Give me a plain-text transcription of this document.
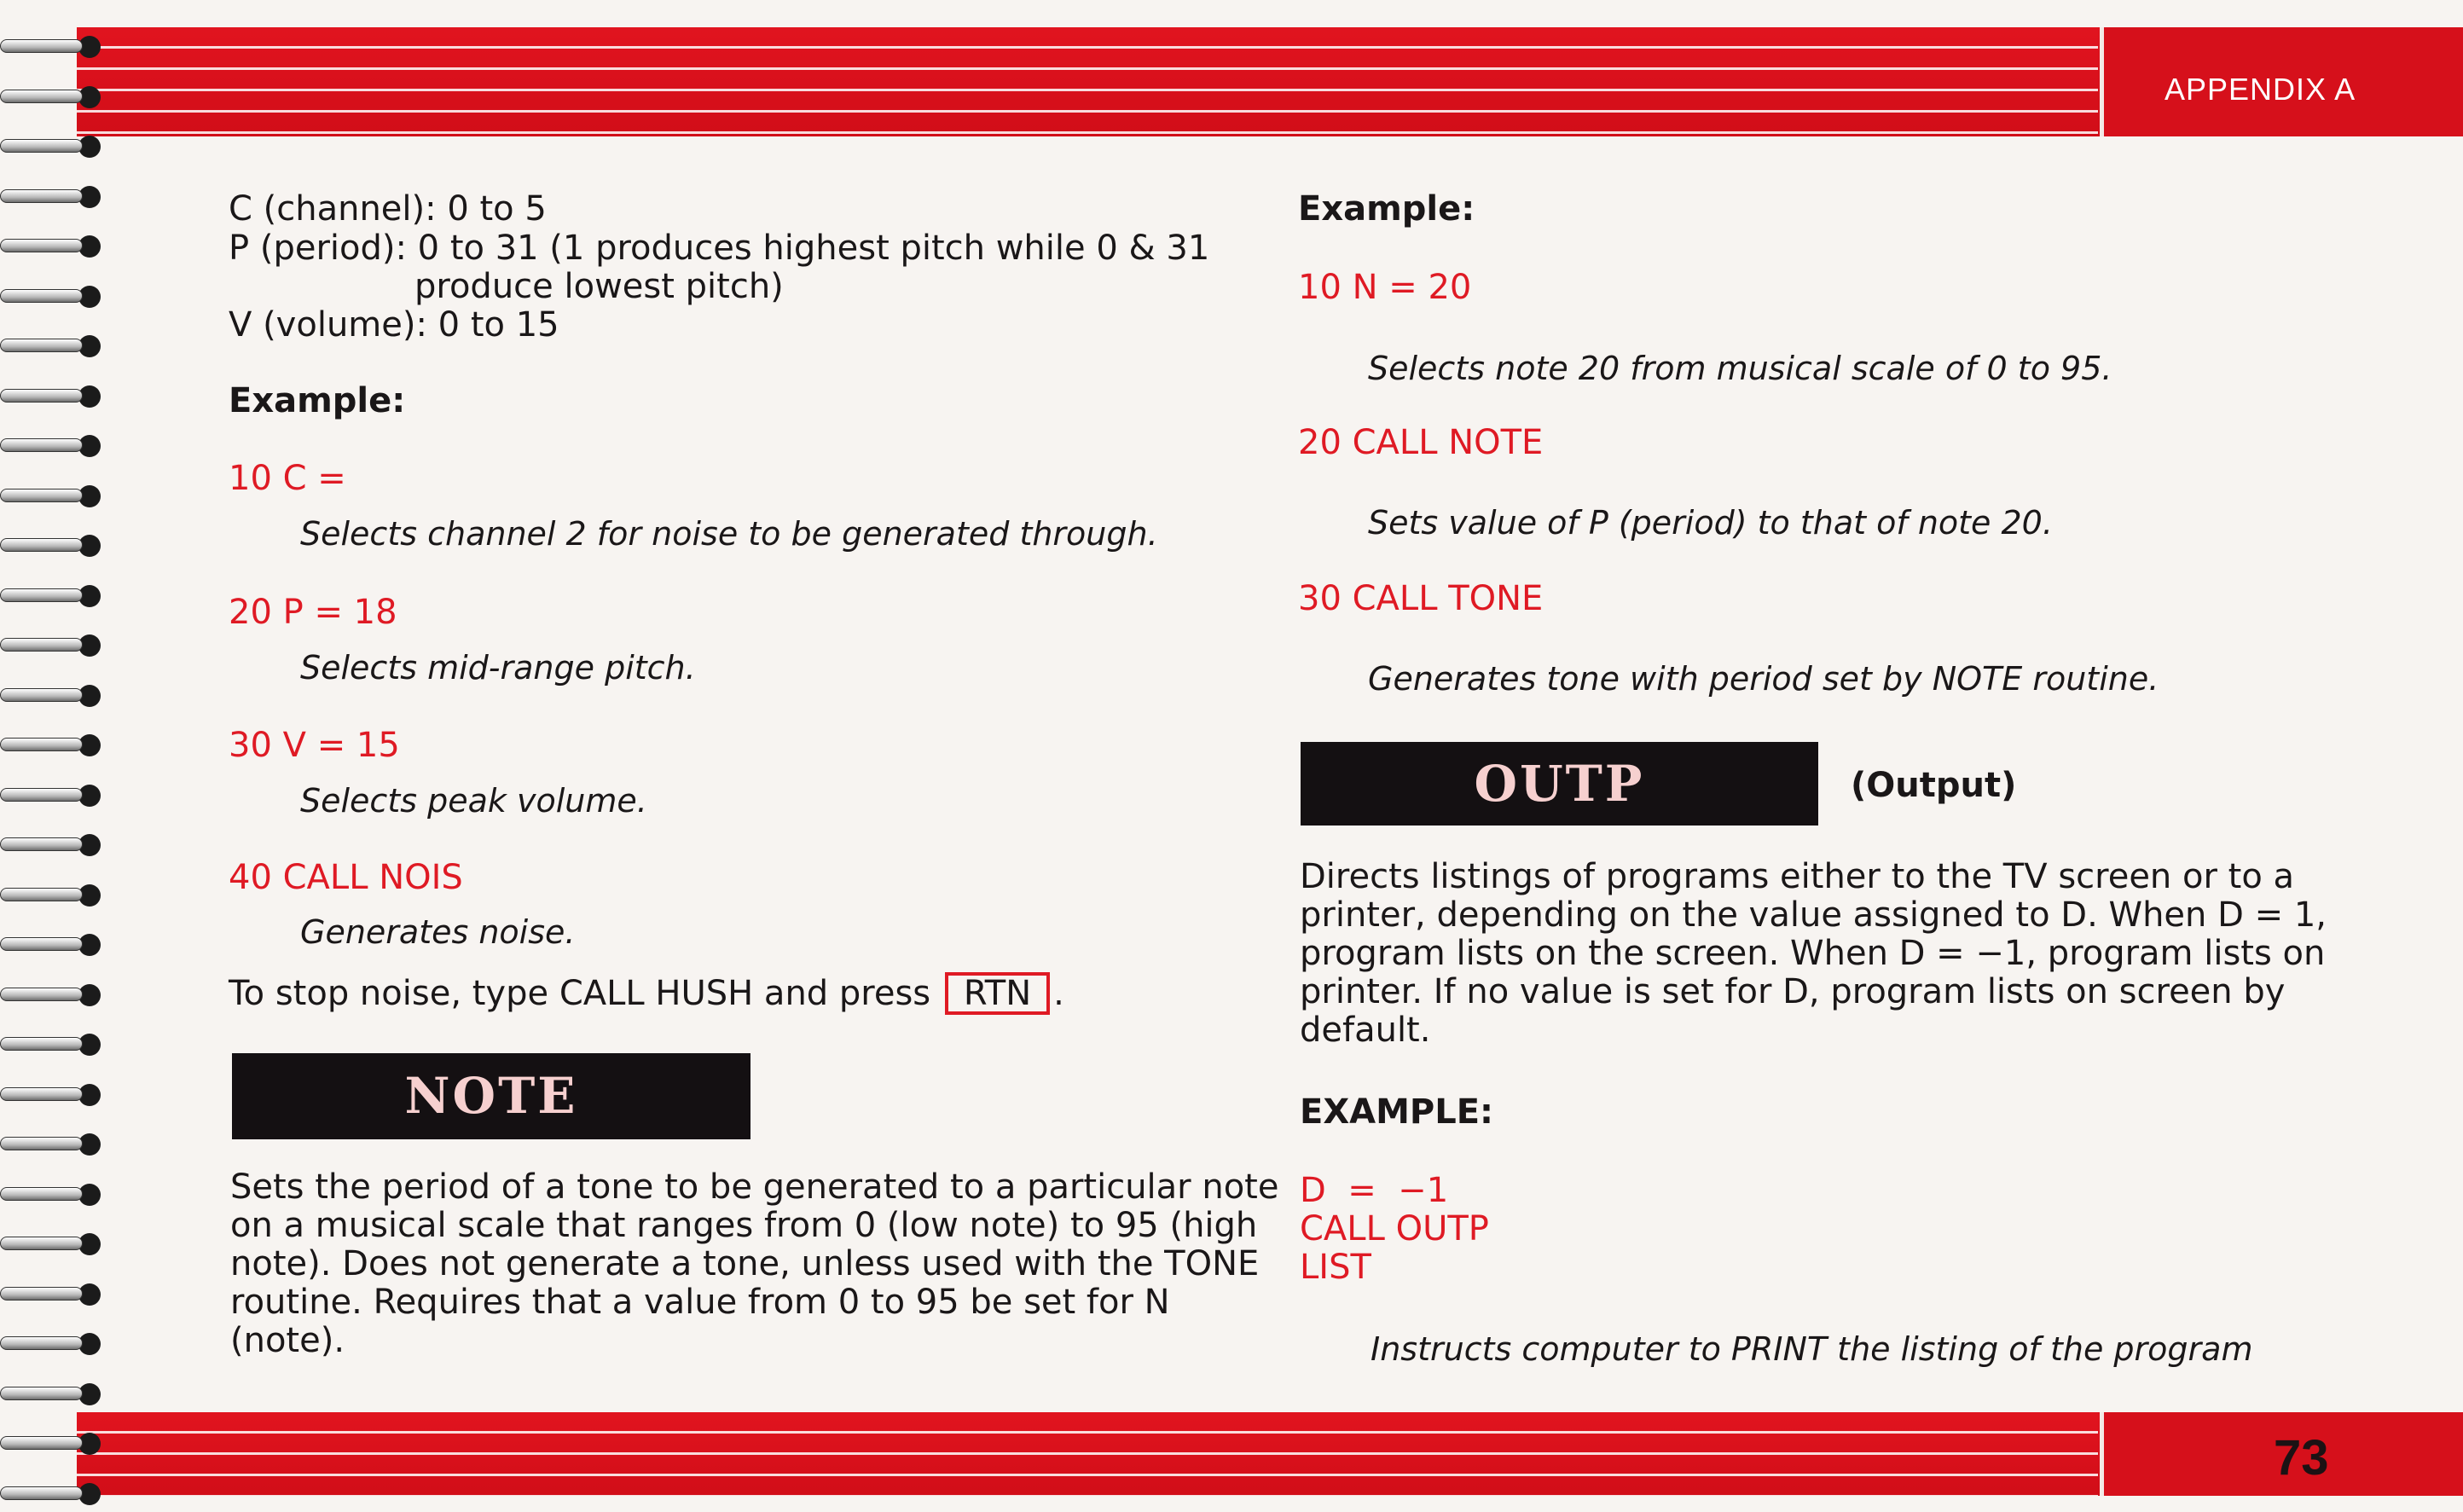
APPENDIX A
73
C (channel): 0 to 5
P (period): 0 to 31 (1 produces highest pitch while 0 & 31
produce lowest pitch)
V (volume): 0 to 15
Example:
10 C =
Selects channel 2 for noise to be generated through.
20 P = 18
Selects mid-range pitch.
30 V = 15
Selects peak volume.
40 CALL NOIS
Generates noise.
To stop noise, type CALL HUSH and press RTN .
NOTE
Sets the period of a tone to be generated to a particular note on a musical scale that ranges from 0 (low note) to 95 (high note). Does not generate a tone, unless used with the TONE routine. Requires that a value from 0 to 95 be set for N (note).
Example:
10 N = 20
Selects note 20 from musical scale of 0 to 95.
20 CALL NOTE
Sets value of P (period) to that of note 20.
30 CALL TONE
Generates tone with period set by NOTE routine.
OUTP	(Output)
Directs listings of programs either to the TV screen or to a printer, depending on the value assigned to D. When D = 1, program lists on the screen. When D = −1, program lists on printer. If no value is set for D, program lists on screen by default.
EXAMPLE:
D  =  −1
CALL OUTP
LIST
Instructs computer to PRINT the listing of the program
